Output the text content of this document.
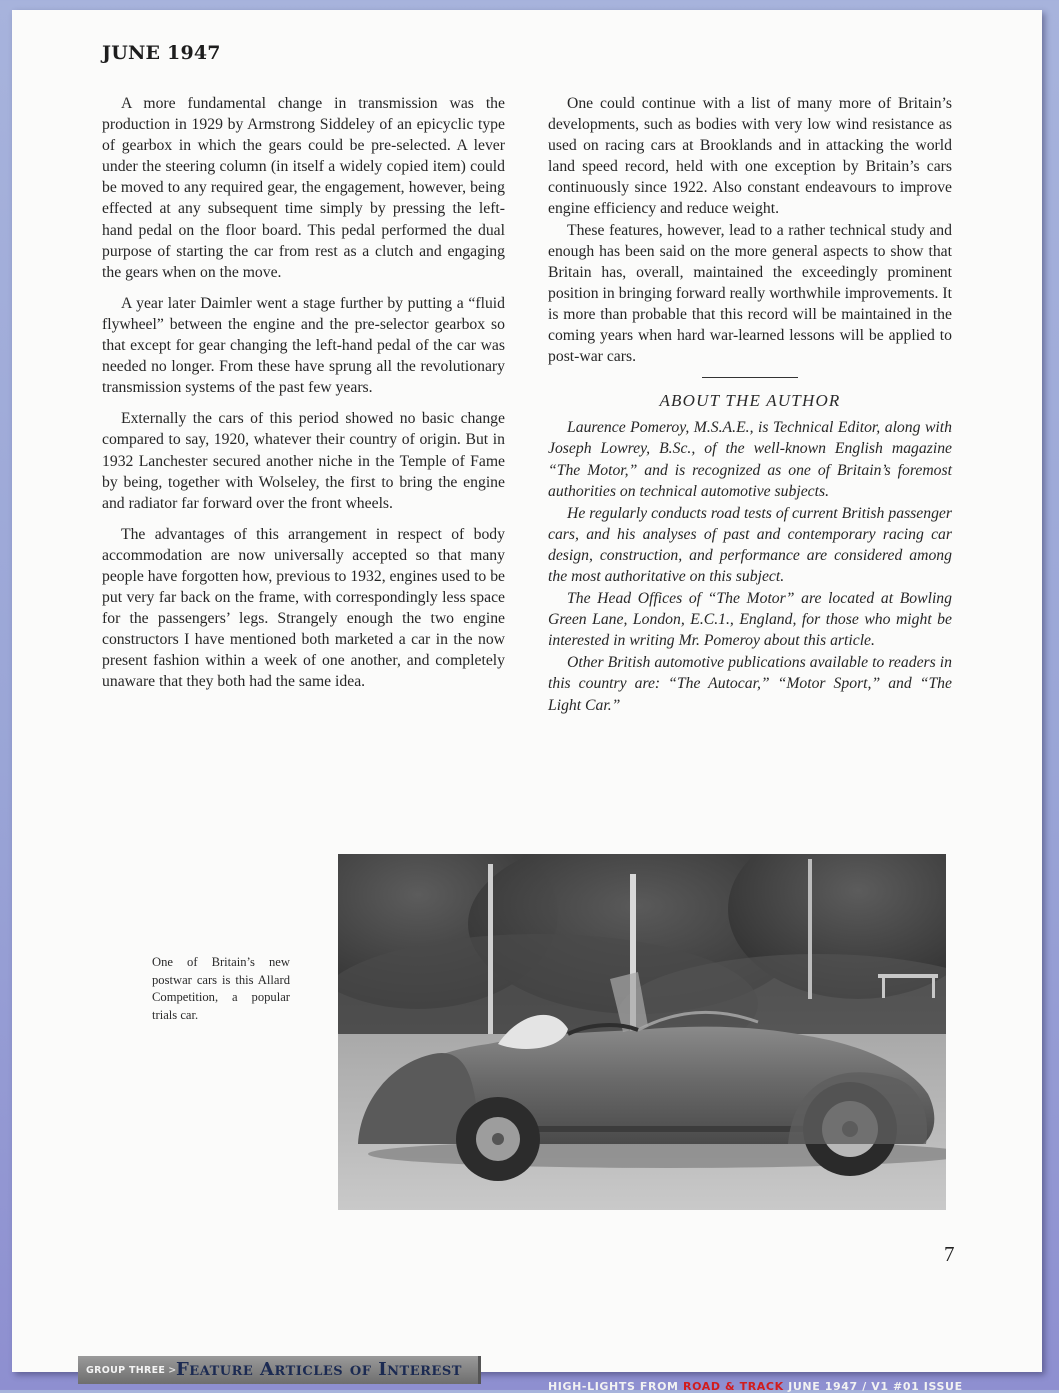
JUNE 1947

A more fundamental change in transmission was the production in 1929 by Armstrong Siddeley of an epicyclic type of gearbox in which the gears could be pre-selected. A lever under the steering column (in itself a widely copied item) could be moved to any required gear, the engagement, however, being effected at any subsequent time simply by pressing the left-hand pedal on the floor board. This pedal performed the dual purpose of starting the car from rest as a clutch and engaging the gears when on the move.

A year later Daimler went a stage further by putting a “fluid flywheel” between the engine and the pre-selector gearbox so that except for gear changing the left-hand pedal of the car was needed no longer. From these have sprung all the revolutionary transmission systems of the past few years.

Externally the cars of this period showed no basic change compared to say, 1920, whatever their country of origin. But in 1932 Lanchester secured another niche in the Temple of Fame by being, together with Wolseley, the first to bring the engine and radiator far forward over the front wheels.

The advantages of this arrangement in respect of body accommodation are now universally accepted so that many people have forgotten how, previous to 1932, engines used to be put very far back on the frame, with correspondingly less space for the passengers’ legs. Strangely enough the two engine constructors I have mentioned both marketed a car in the now present fashion within a week of one another, and completely unaware that they both had the same idea.

One could continue with a list of many more of Britain’s developments, such as bodies with very low wind resistance as used on racing cars at Brooklands and in attacking the world land speed record, held with one exception by Britain’s cars continuously since 1922. Also constant endeavours to improve engine efficiency and reduce weight.

These features, however, lead to a rather technical study and enough has been said on the more general aspects to show that Britain has, overall, maintained the exceedingly prominent position in bringing forward really worthwhile improvements. It is more than probable that this record will be maintained in the coming years when hard war-learned lessons will be applied to post-war cars.

ABOUT THE AUTHOR

Laurence Pomeroy, M.S.A.E., is Technical Editor, along with Joseph Lowrey, B.Sc., of the well-known English magazine “The Motor,” and is recognized as one of Britain’s foremost authorities on technical automotive subjects.

He regularly conducts road tests of current British passenger cars, and his analyses of past and contemporary racing car design, construction, and performance are considered among the most authoritative on this subject.

The Head Offices of “The Motor” are located at Bowling Green Lane, London, E.C.1., England, for those who might be interested in writing Mr. Pomeroy about this article.

Other British automotive publications available to readers in this country are: “The Autocar,” “Motor Sport,” and “The Light Car.”

One of Britain’s new postwar cars is this Allard Competition, a popular trials car.
7
GROUP THREE > Feature Articles of Interest
HIGH-LIGHTS FROM ROAD & TRACK JUNE 1947 / V1 #01 ISSUE
